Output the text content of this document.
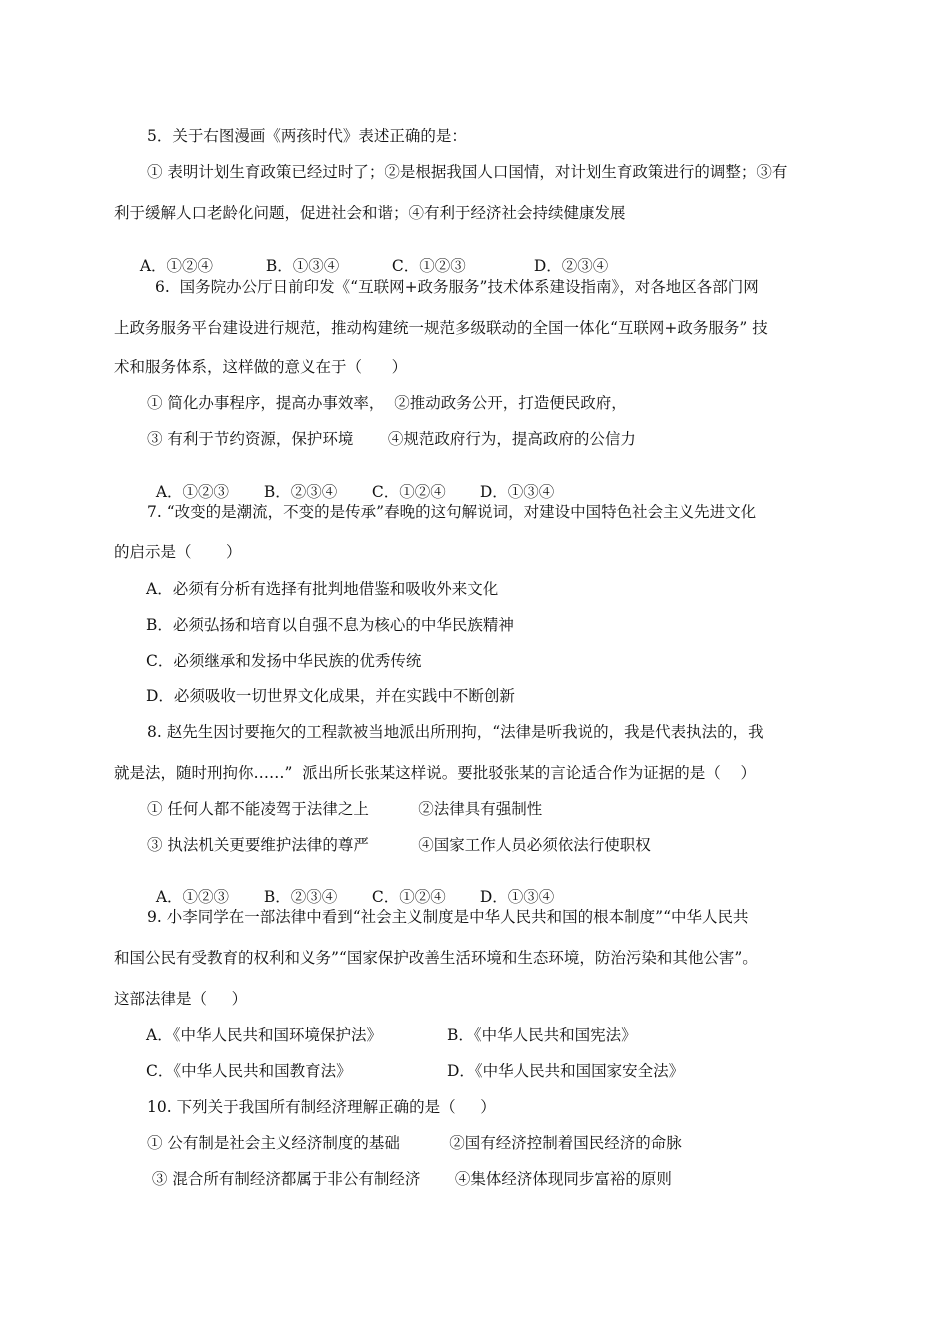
5．关于右图漫画《两孩时代》表述正确的是：
① 表明计划生育政策已经过时了；②是根据我国人口国情，对计划生育政策进行的调整；③有
利于缓解人口老龄化问题，促进社会和谐；④有利于经济社会持续健康发展

A．①②④	B．①③④	C．①②③	D．②③④

6.  国务院办公厅日前印发《“互联网+政务服务”技术体系建设指南》，对各地区各部门网
上政务服务平台建设进行规范，推动构建统一规范多级联动的全国一体化“互联网+政务服务” 技
术和服务体系，这样做的意义在于（      ）
① 简化办事程序，提高办事效率，  ②推动政务公开，打造便民政府，
③ 有利于节约资源，保护环境       ④规范政府行为，提高政府的公信力

A．①②③ B．②③④ C．①②④ D．①③④

7. “改变的是潮流，不变的是传承”春晚的这句解说词，对建设中国特色社会主义先进文化
的启示是（       ）
A．必须有分析有选择有批判地借鉴和吸收外来文化
B．必须弘扬和培育以自强不息为核心的中华民族精神
C．必须继承和发扬中华民族的优秀传统
D．必须吸收一切世界文化成果，并在实践中不断创新
8. 赵先生因讨要拖欠的工程款被当地派出所刑拘，“法律是听我说的，我是代表执法的，我
就是法，随时刑拘你……”  派出所长张某这样说。要批驳张某的言论适合作为证据的是（    ）
① 任何人都不能凌驾于法律之上          ②法律具有强制性
③ 执法机关更要维护法律的尊严          ④国家工作人员必须依法行使职权

A．①②③ B．②③④ C．①②④ D．①③④

9. 小李同学在一部法律中看到“社会主义制度是中华人民共和国的根本制度”“中华人民共
和国公民有受教育的权利和义务”“国家保护改善生活环境和生态环境，防治污染和其他公害”。
这部法律是（     ）
A．《中华人民共和国环境保护法》	B．《中华人民共和国宪法》
C．《中华人民共和国教育法》	D．《中华人民共和国国家安全法》
10. 下列关于我国所有制经济理解正确的是（     ）
① 公有制是社会主义经济制度的基础          ②国有经济控制着国民经济的命脉
③ 混合所有制经济都属于非公有制经济       ④集体经济体现同步富裕的原则
